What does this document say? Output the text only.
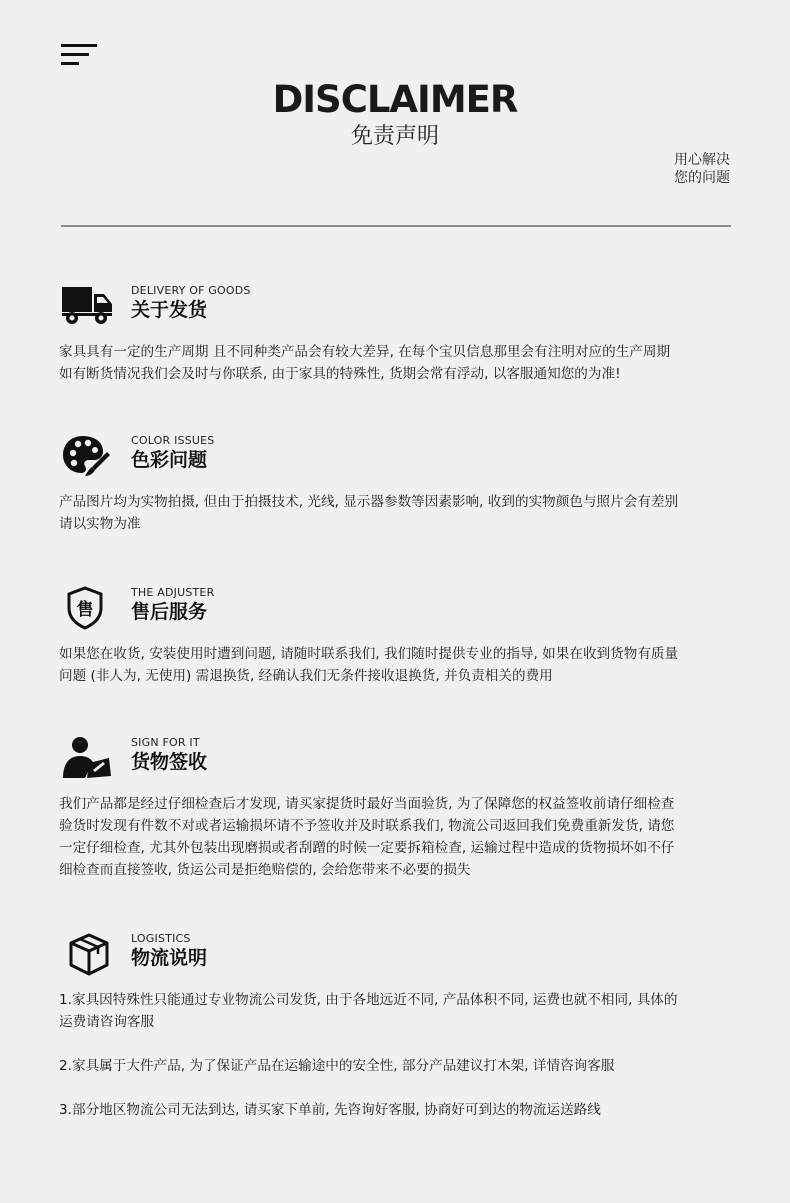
DISCLAIMER
免责声明
用心解决
您的问题
DELIVERY OF GOODS
关于发货
家具具有一定的生产周期 且不同种类产品会有较大差异, 在每个宝贝信息那里会有注明对应的生产周期
如有断货情况我们会及时与你联系, 由于家具的特殊性, 货期会常有浮动, 以客服通知您的为准!
COLOR ISSUES
色彩问题
产品图片均为实物拍摄, 但由于拍摄技术, 光线, 显示器参数等因素影响, 收到的实物颜色与照片会有差别
请以实物为准
售
THE ADJUSTER
售后服务
如果您在收货, 安装使用时遭到问题, 请随时联系我们, 我们随时提供专业的指导, 如果在收到货物有质量
问题 (非人为, 无使用) 需退换货, 经确认我们无条件接收退换货, 并负责相关的费用
SIGN FOR IT
货物签收
我们产品都是经过仔细检查后才发现, 请买家提货时最好当面验货, 为了保障您的权益签收前请仔细检查
验货时发现有件数不对或者运输损坏请不予签收并及时联系我们, 物流公司返回我们免费重新发货, 请您
一定仔细检查, 尤其外包装出现磨损或者刮蹭的时候一定要拆箱检查, 运输过程中造成的货物损坏如不仔
细检查而直接签收, 货运公司是拒绝赔偿的, 会给您带来不必要的损失
LOGISTICS
物流说明
1.家具因特殊性只能通过专业物流公司发货, 由于各地远近不同, 产品体积不同, 运费也就不相同, 具体的
运费请咨询客服
2.家具属于大件产品, 为了保证产品在运输途中的安全性, 部分产品建议打木架, 详情咨询客服
3.部分地区物流公司无法到达, 请买家下单前, 先咨询好客服, 协商好可到达的物流运送路线
